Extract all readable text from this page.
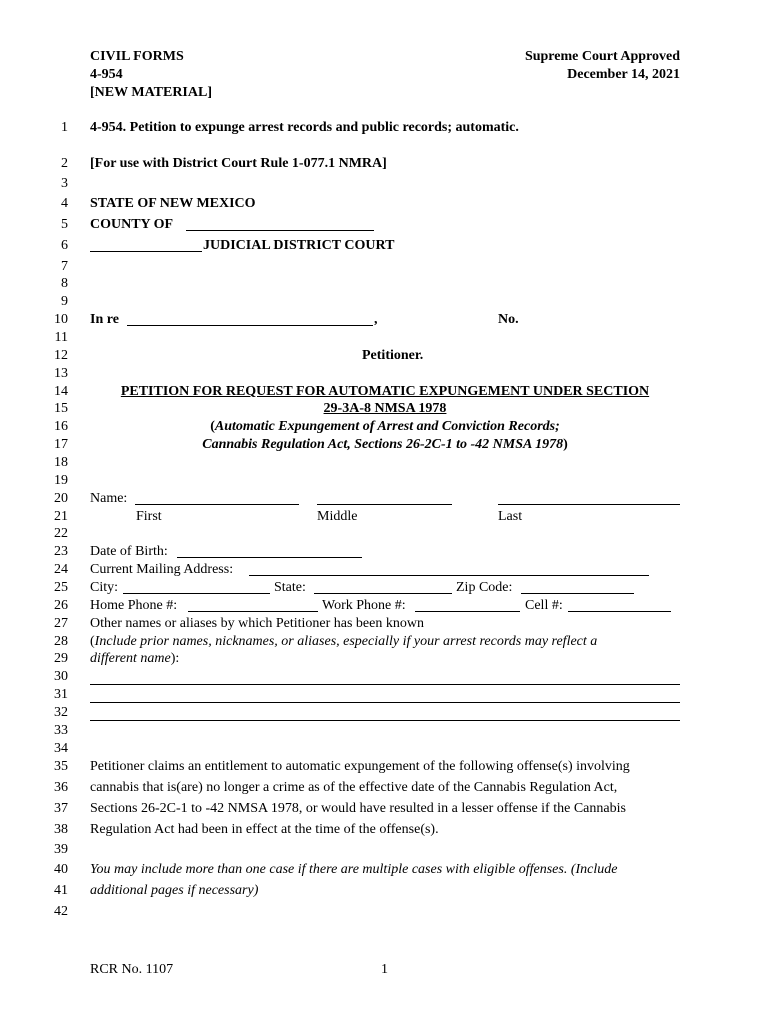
CIVIL FORMS
4-954
[NEW MATERIAL]
Supreme Court Approved
December 14, 2021
1
2
3
4
5
6
7
8
9
10
11
12
13
14
15
16
17
18
19
20
21
22
23
24
25
26
27
28
29
30
31
32
33
34
35
36
37
38
39
40
41
42
4-954. Petition to expunge arrest records and public records; automatic.
[For use with District Court Rule 1-077.1 NMRA]
STATE OF NEW MEXICO
COUNTY OF
JUDICIAL DISTRICT COURT
In re	,	No.
Petitioner.
PETITION FOR REQUEST FOR AUTOMATIC EXPUNGEMENT UNDER SECTION
29-3A-8 NMSA 1978
(Automatic Expungement of Arrest and Conviction Records;
Cannabis Regulation Act, Sections 26-2C-1 to -42 NMSA 1978)
Name:
First	Middle	Last
Date of Birth:
Current Mailing Address:
City:	State:	Zip Code:
Home Phone #:	Work Phone #:	Cell #:
Other names or aliases by which Petitioner has been known
(Include prior names, nicknames, or aliases, especially if your arrest records may reflect a
different name):
Petitioner claims an entitlement to automatic expungement of the following offense(s) involving
cannabis that is(are) no longer a crime as of the effective date of the Cannabis Regulation Act,
Sections 26-2C-1 to -42 NMSA 1978, or would have resulted in a lesser offense if the Cannabis
Regulation Act had been in effect at the time of the offense(s).
You may include more than one case if there are multiple cases with eligible offenses. (Include
additional pages if necessary)
RCR No. 1107	1
